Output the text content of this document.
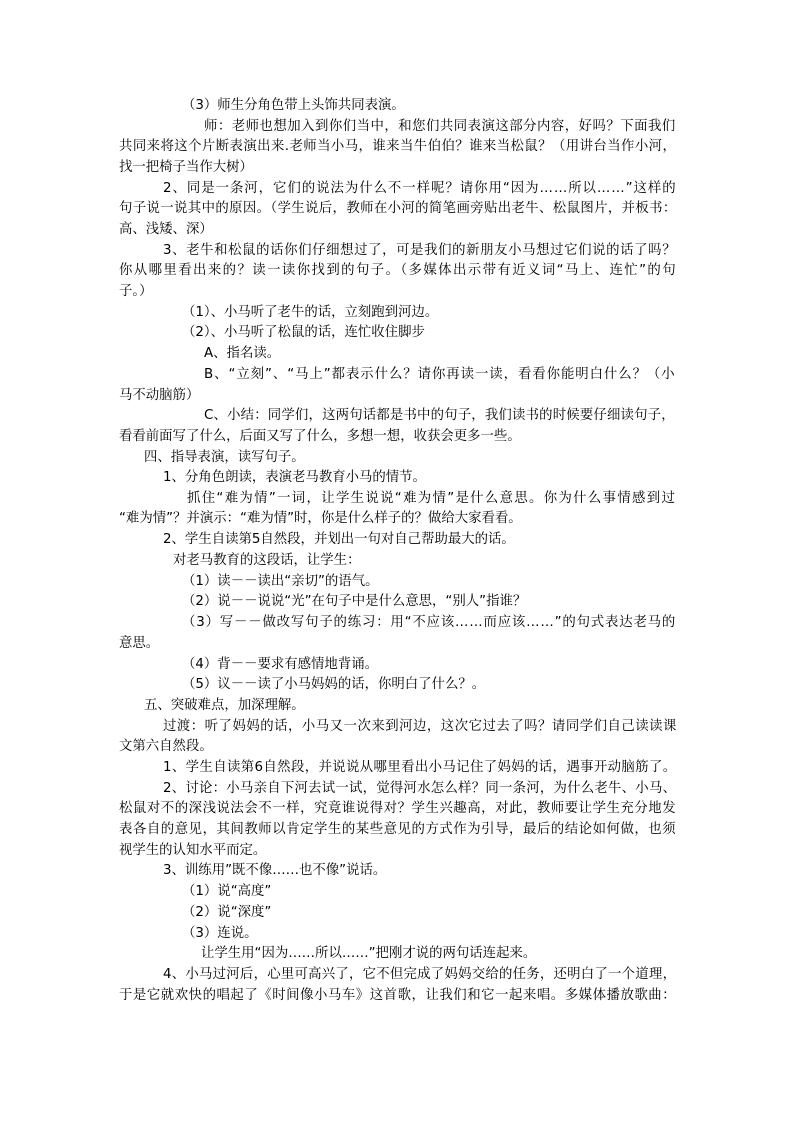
（3）师生分角色带上头饰共同表演。
师：老师也想加入到你们当中，和您们共同表演这部分内容，好吗？下面我们
共同来将这个片断表演出来.老师当小马，谁来当牛伯伯？谁来当松鼠？（用讲台当作小河，
找一把椅子当作大树）
2、同是一条河，它们的说法为什么不一样呢？请你用“因为……所以……”这样的
句子说一说其中的原因。（学生说后，教师在小河的简笔画旁贴出老牛、松鼠图片，并板书：
高、浅矮、深）
3、老牛和松鼠的话你们仔细想过了，可是我们的新朋友小马想过它们说的话了吗？
你从哪里看出来的？读一读你找到的句子。（多媒体出示带有近义词“马上、连忙”的句
子。）
（1）、小马听了老牛的话，立刻跑到河边。
（2）、小马听了松鼠的话，连忙收住脚步
A、指名读。
B、“立刻”、“马上”都表示什么？请你再读一读，看看你能明白什么？（小
马不动脑筋）
C、小结：同学们，这两句话都是书中的句子，我们读书的时候要仔细读句子，
看看前面写了什么，后面又写了什么，多想一想，收获会更多一些。
四、指导表演，读写句子。
1、分角色朗读，表演老马教育小马的情节。
抓住“难为情”一词，让学生说说“难为情”是什么意思。你为什么事情感到过
“难为情”？并演示：“难为情”时，你是什么样子的？做给大家看看。
2、学生自读第5自然段，并划出一句对自己帮助最大的话。
对老马教育的这段话，让学生：
（1）读－－读出“亲切”的语气。
（2）说－－说说“光”在句子中是什么意思，“别人”指谁？
（3）写－－做改写句子的练习：用“不应该……而应该……”的句式表达老马的
意思。
（4）背－－要求有感情地背诵。
（5）议－－读了小马妈妈的话，你明白了什么？。
五、突破难点，加深理解。
过渡：听了妈妈的话，小马又一次来到河边，这次它过去了吗？请同学们自己读读课
文第六自然段。
1、学生自读第6自然段，并说说从哪里看出小马记住了妈妈的话，遇事开动脑筋了。
2、讨论：小马亲自下河去试一试，觉得河水怎么样？同一条河，为什么老牛、小马、
松鼠对不的深浅说法会不一样，究竟谁说得对？学生兴趣高，对此，教师要让学生充分地发
表各自的意见，其间教师以肯定学生的某些意见的方式作为引导，最后的结论如何做，也须
视学生的认知水平而定。
3、训练用”既不像……也不像”说话。
（1）说“高度”
（2）说“深度”
（3）连说。
让学生用“因为……所以……”把刚才说的两句话连起来。
4、小马过河后，心里可高兴了，它不但完成了妈妈交给的任务，还明白了一个道理，
于是它就欢快的唱起了《时间像小马车》这首歌，让我们和它一起来唱。多媒体播放歌曲：
